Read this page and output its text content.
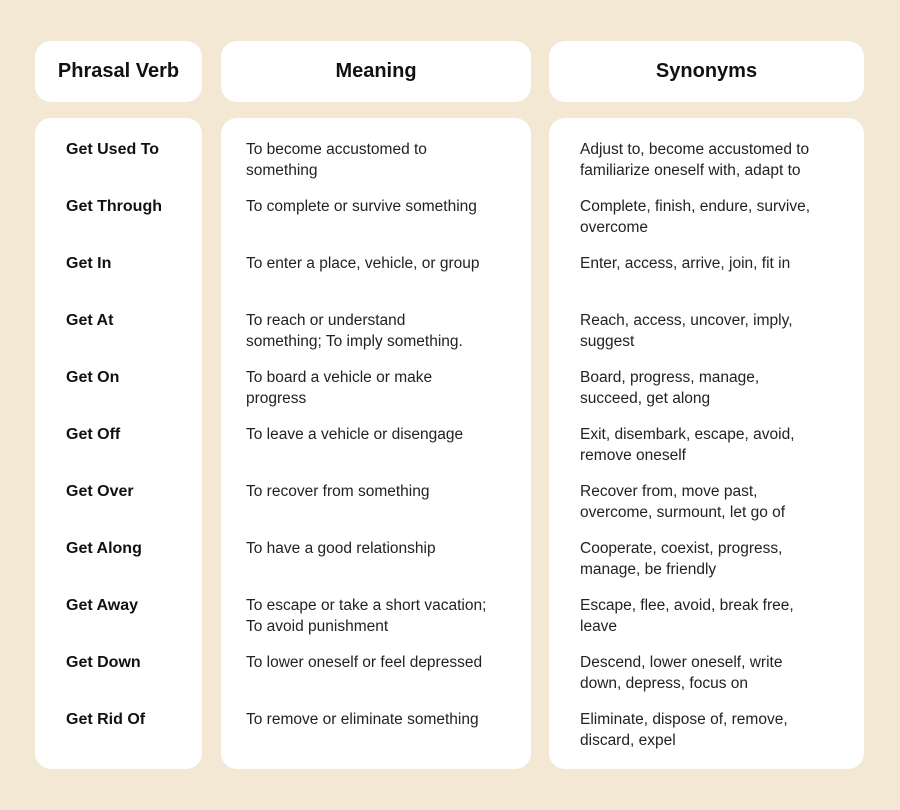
Phrasal Verb	Meaning	Synonyms
Get Used To
Get Through
Get In
Get At
Get On
Get Off
Get Over
Get Along
Get Away
Get Down
Get Rid Of
To become accustomed to
something
To complete or survive something
To enter a place, vehicle, or group
To reach or understand
something; To imply something.
To board a vehicle or make
progress
To leave a vehicle or disengage
To recover from something
To have a good relationship
To escape or take a short vacation;
To avoid punishment
To lower oneself or feel depressed
To remove or eliminate something
Adjust to, become accustomed to
familiarize oneself with, adapt to
Complete, finish, endure, survive,
overcome
Enter, access, arrive, join, fit in
Reach, access, uncover, imply,
suggest
Board, progress, manage,
succeed, get along
Exit, disembark, escape, avoid,
remove oneself
Recover from, move past,
overcome, surmount, let go of
Cooperate, coexist, progress,
manage, be friendly
Escape, flee, avoid, break free,
leave
Descend, lower oneself, write
down, depress, focus on
Eliminate, dispose of, remove,
discard, expel
